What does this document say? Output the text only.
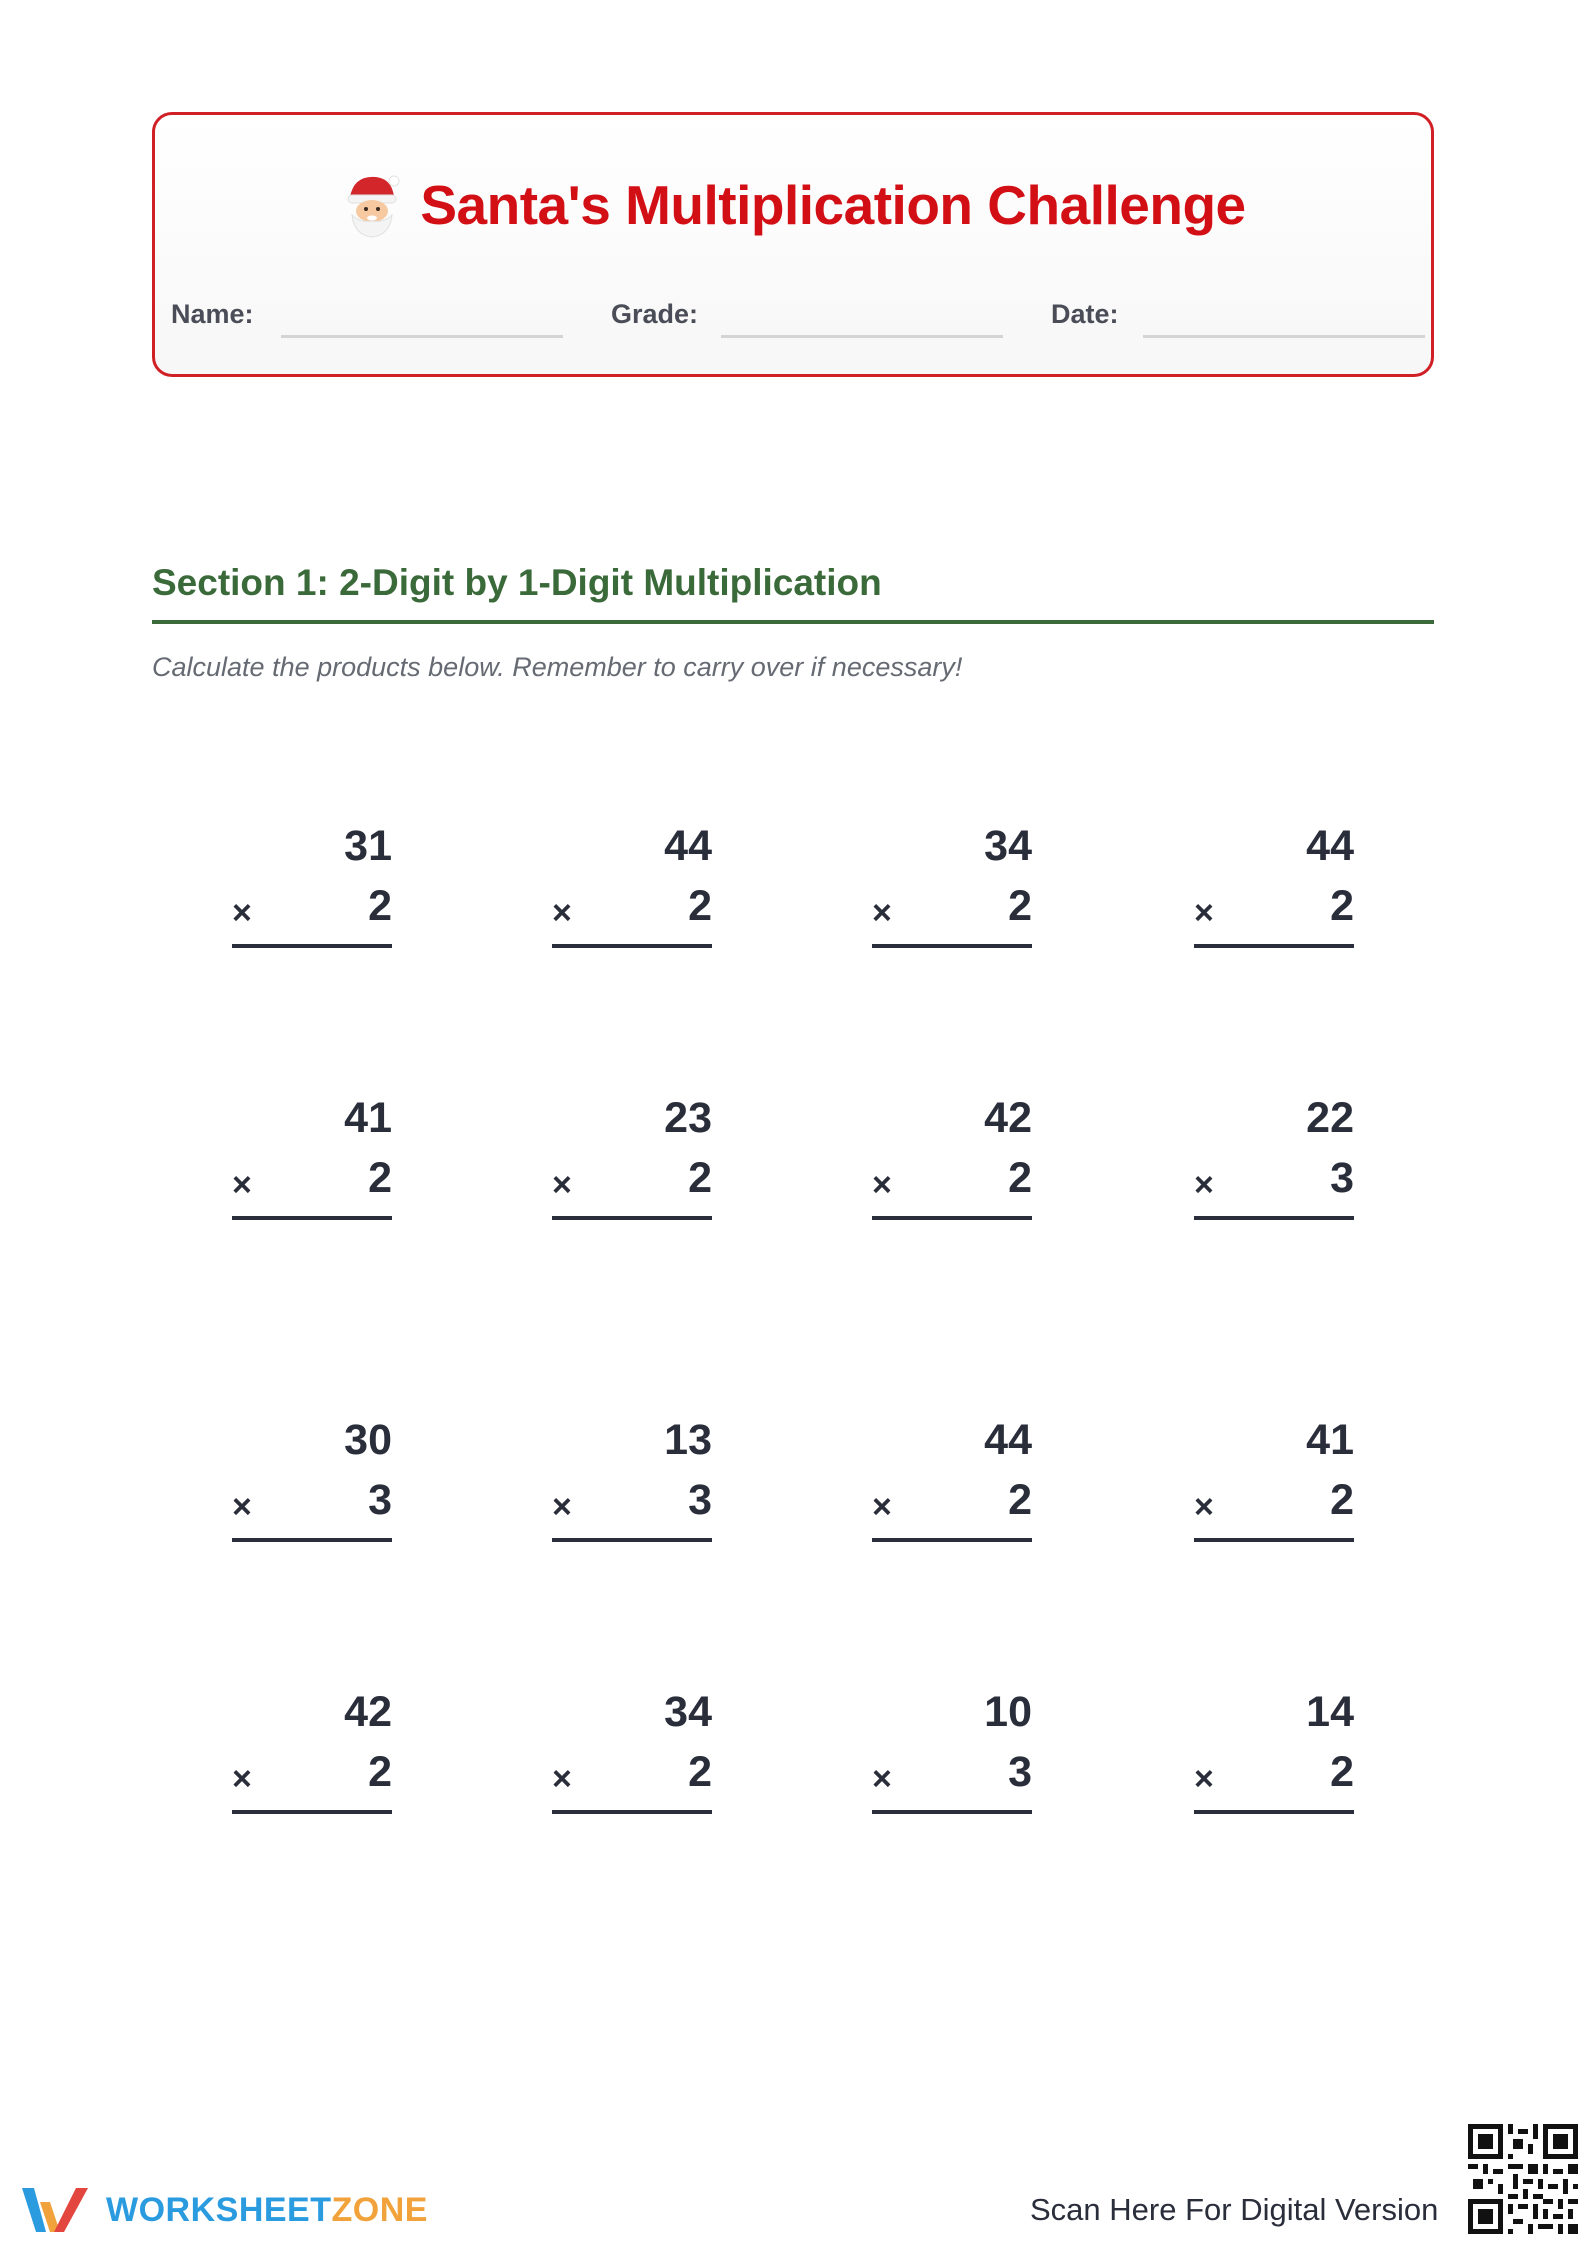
Santa's Multiplication Challenge
Name:	Grade:	Date:
Section 1: 2-Digit by 1-Digit Multiplication
Calculate the products below. Remember to carry over if necessary!
31
×	2
44
×	2
34
×	2
44
×	2
41
×	2
23
×	2
42
×	2
22
×	3
30
×	3
13
×	3
44
×	2
41
×	2
42
×	2
34
×	2
10
×	3
14
×	2
WORKSHEETZONE	Scan Here For Digital Version
